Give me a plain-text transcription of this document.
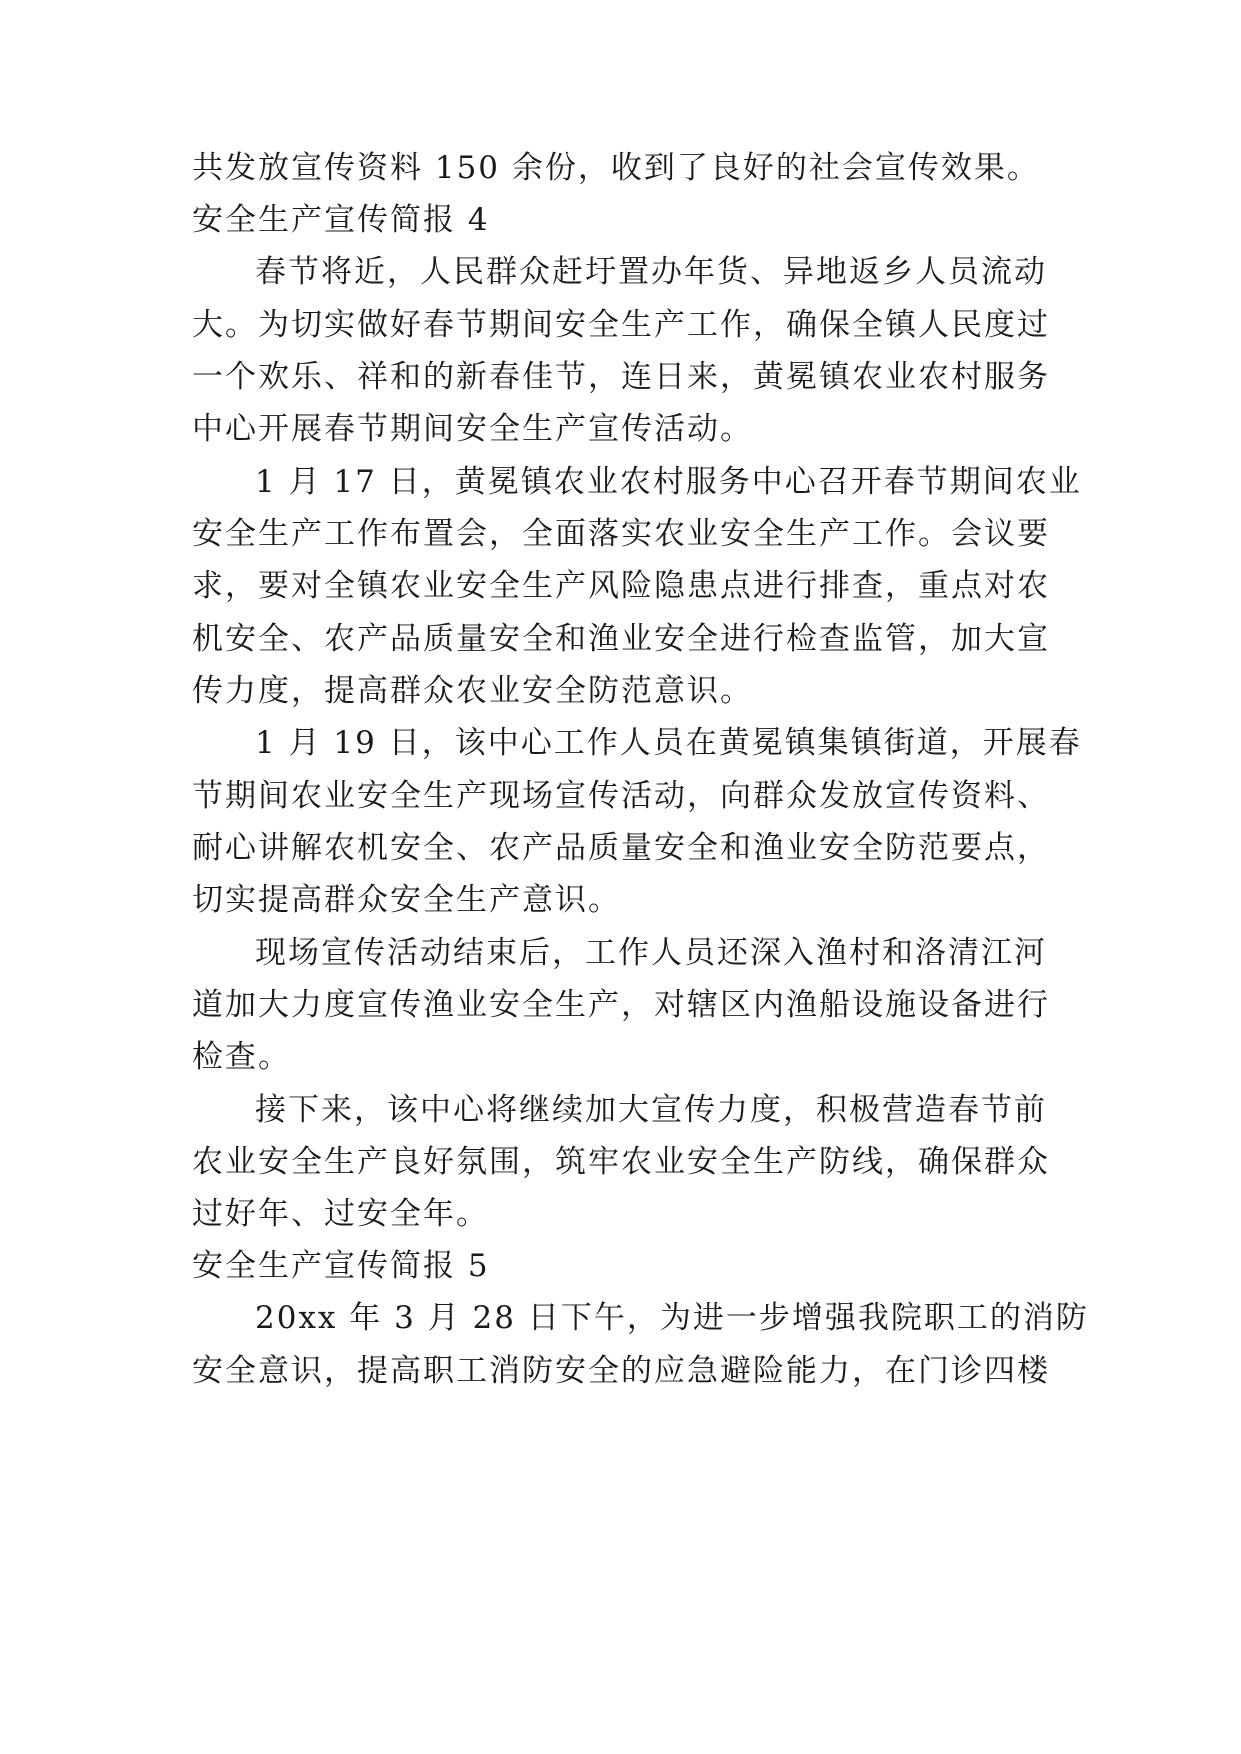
共发放宣传资料 150 余份，收到了良好的社会宣传效果。
安全生产宣传简报 4
春节将近，人民群众赶圩置办年货、异地返乡人员流动
大。为切实做好春节期间安全生产工作，确保全镇人民度过
一个欢乐、祥和的新春佳节，连日来，黄冕镇农业农村服务
中心开展春节期间安全生产宣传活动。
1 月 17 日，黄冕镇农业农村服务中心召开春节期间农业
安全生产工作布置会，全面落实农业安全生产工作。会议要
求，要对全镇农业安全生产风险隐患点进行排查，重点对农
机安全、农产品质量安全和渔业安全进行检查监管，加大宣
传力度，提高群众农业安全防范意识。
1 月 19 日，该中心工作人员在黄冕镇集镇街道，开展春
节期间农业安全生产现场宣传活动，向群众发放宣传资料、
耐心讲解农机安全、农产品质量安全和渔业安全防范要点，
切实提高群众安全生产意识。
现场宣传活动结束后，工作人员还深入渔村和洛清江河
道加大力度宣传渔业安全生产，对辖区内渔船设施设备进行
检查。
接下来，该中心将继续加大宣传力度，积极营造春节前
农业安全生产良好氛围，筑牢农业安全生产防线，确保群众
过好年、过安全年。
安全生产宣传简报 5
20xx 年 3 月 28 日下午，为进一步增强我院职工的消防
安全意识，提高职工消防安全的应急避险能力，在门诊四楼
